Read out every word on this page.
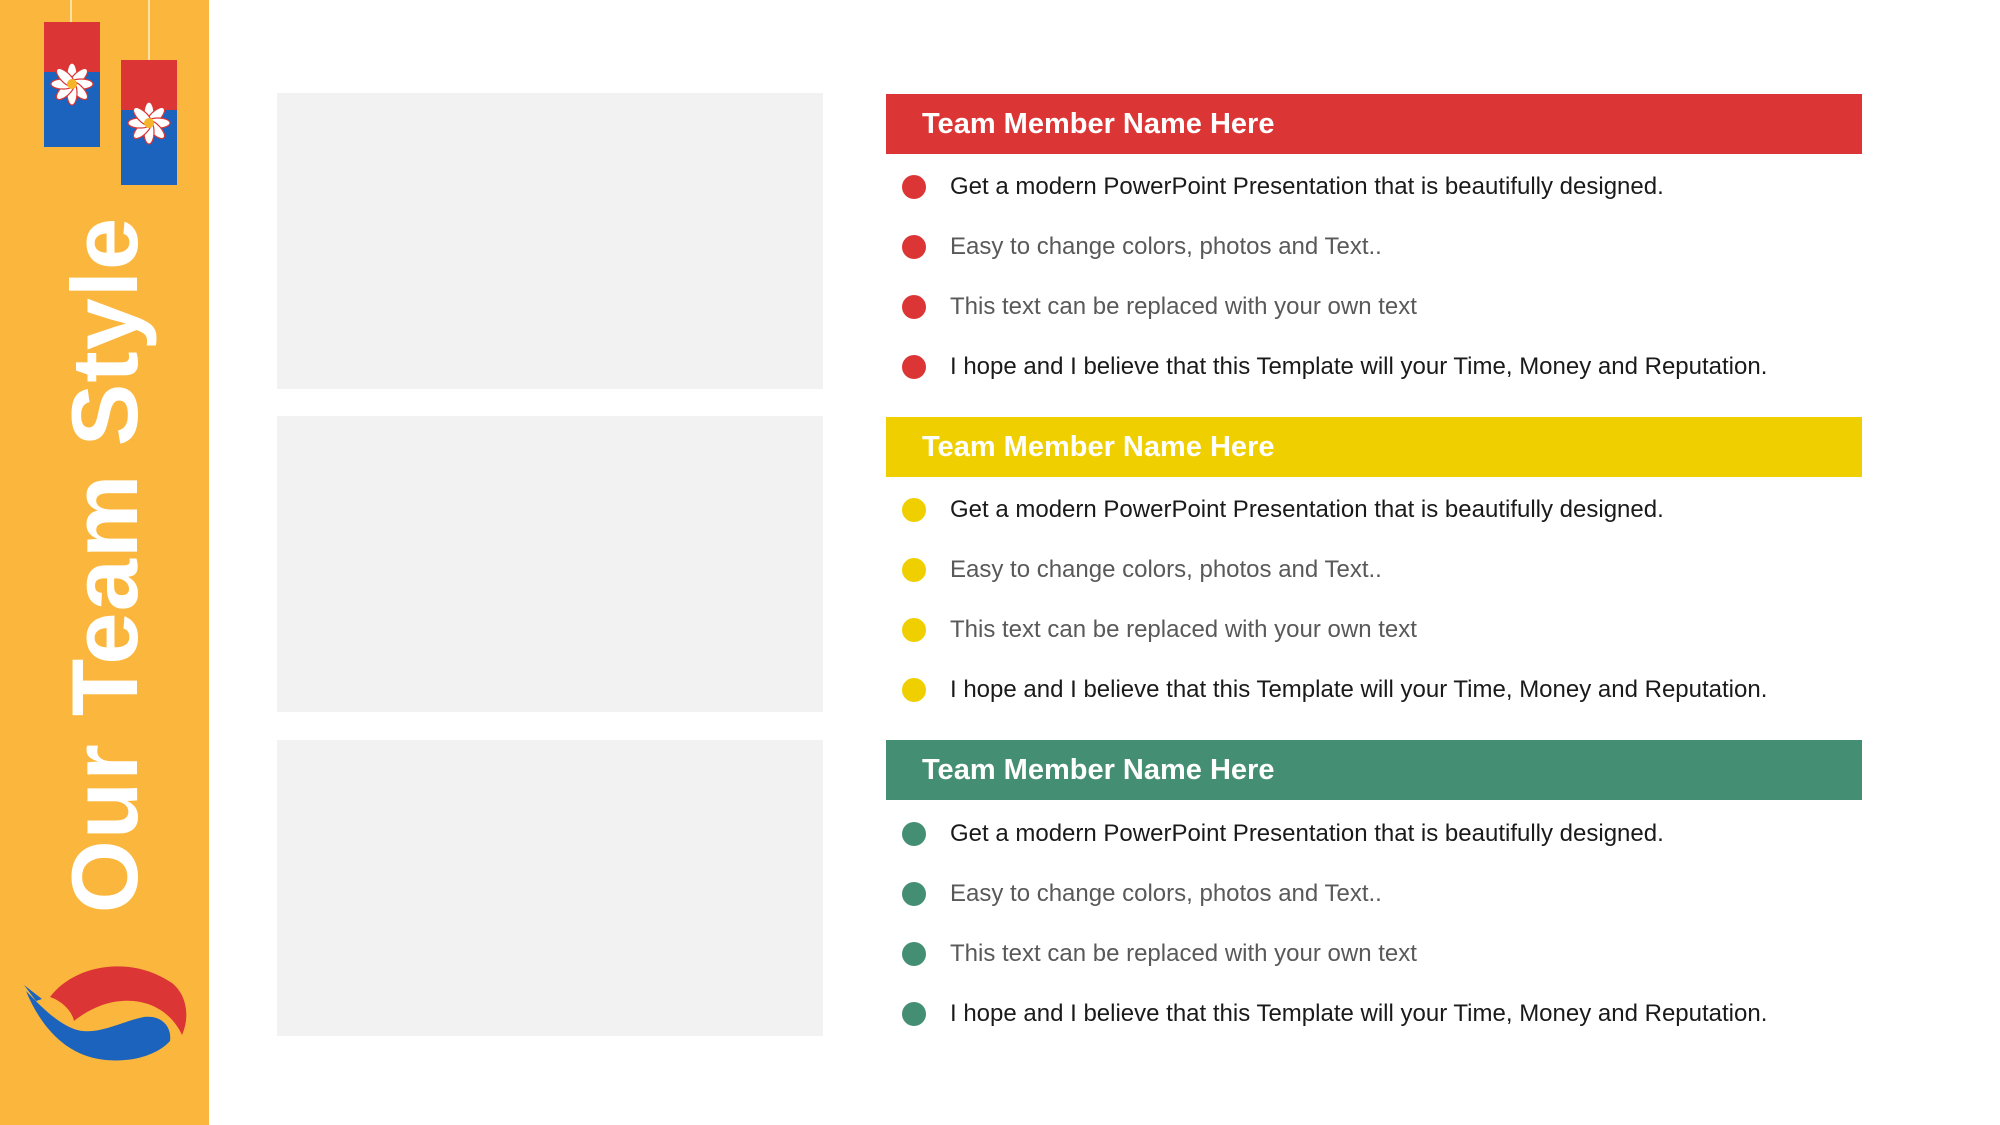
Our Team Style
Team Member Name Here
Get a modern PowerPoint Presentation that is beautifully designed.
Easy to change colors, photos and Text..
This text can be replaced with your own text
I hope and I believe that this Template will your Time, Money and Reputation.
Team Member Name Here
Get a modern PowerPoint Presentation that is beautifully designed.
Easy to change colors, photos and Text..
This text can be replaced with your own text
I hope and I believe that this Template will your Time, Money and Reputation.
Team Member Name Here
Get a modern PowerPoint Presentation that is beautifully designed.
Easy to change colors, photos and Text..
This text can be replaced with your own text
I hope and I believe that this Template will your Time, Money and Reputation.
